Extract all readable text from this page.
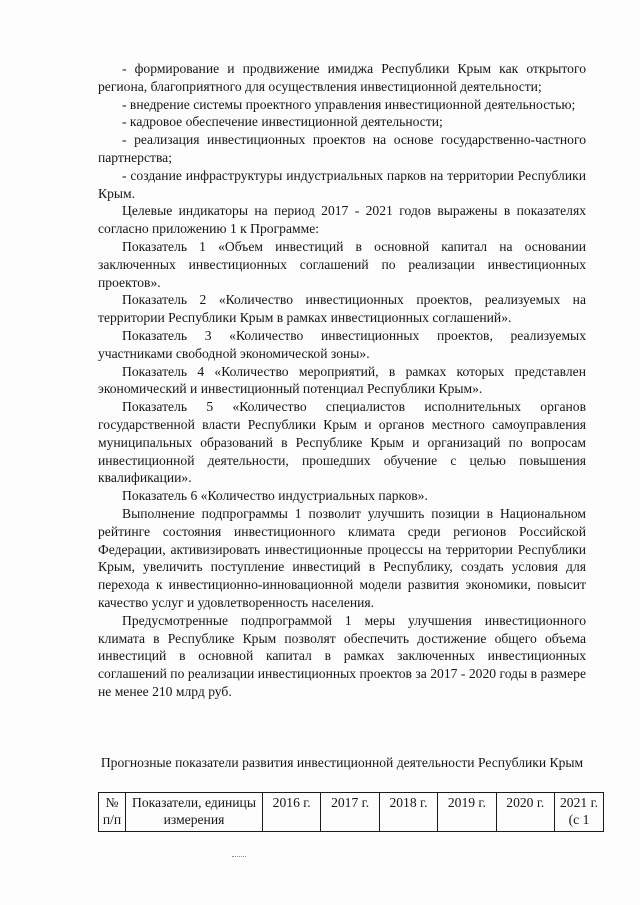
- формирование и продвижение имиджа Республики Крым как открытого региона, благоприятного для осуществления инвестиционной деятельности;

- внедрение системы проектного управления инвестиционной деятельностью;

- кадровое обеспечение инвестиционной деятельности;

- реализация инвестиционных проектов на основе государственно-частного партнерства;

- создание инфраструктуры индустриальных парков на территории Республики Крым.

Целевые индикаторы на период 2017 - 2021 годов выражены в показателях согласно приложению 1 к Программе:

Показатель 1 «Объем инвестиций в основной капитал на основании заключенных инвестиционных соглашений по реализации инвестиционных проектов».

Показатель 2 «Количество инвестиционных проектов, реализуемых на территории Республики Крым в рамках инвестиционных соглашений».

Показатель 3 «Количество инвестиционных проектов, реализуемых участниками свободной экономической зоны».

Показатель 4 «Количество мероприятий, в рамках которых представлен экономический и инвестиционный потенциал Республики Крым».

Показатель 5 «Количество специалистов исполнительных органов государственной власти Республики Крым и органов местного самоуправления муниципальных образований в Республике Крым и организаций по вопросам инвестиционной деятельности, прошедших обучение с целью повышения квалификации».

Показатель 6 «Количество индустриальных парков».

Выполнение подпрограммы 1 позволит улучшить позиции в Национальном рейтинге состояния инвестиционного климата среди регионов Российской Федерации, активизировать инвестиционные процессы на территории Республики Крым, увеличить поступление инвестиций в Республику, создать условия для перехода к инвестиционно-инновационной модели развития экономики, повысит качество услуг и удовлетворенность населения.

Предусмотренные подпрограммой 1 меры улучшения инвестиционного климата в Республике Крым позволят обеспечить достижение общего объема инвестиций в основной капитал в рамках заключенных инвестиционных соглашений по реализации инвестиционных проектов за 2017 - 2020 годы в размере не менее 210 млрд руб.

Прогнозные показатели развития инвестиционной деятельности Республики Крым
№ п/п	Показатели, единицы измерения	2016 г.	2017 г.	2018 г.	2019 г.	2020 г.	2021 г. (с 1
